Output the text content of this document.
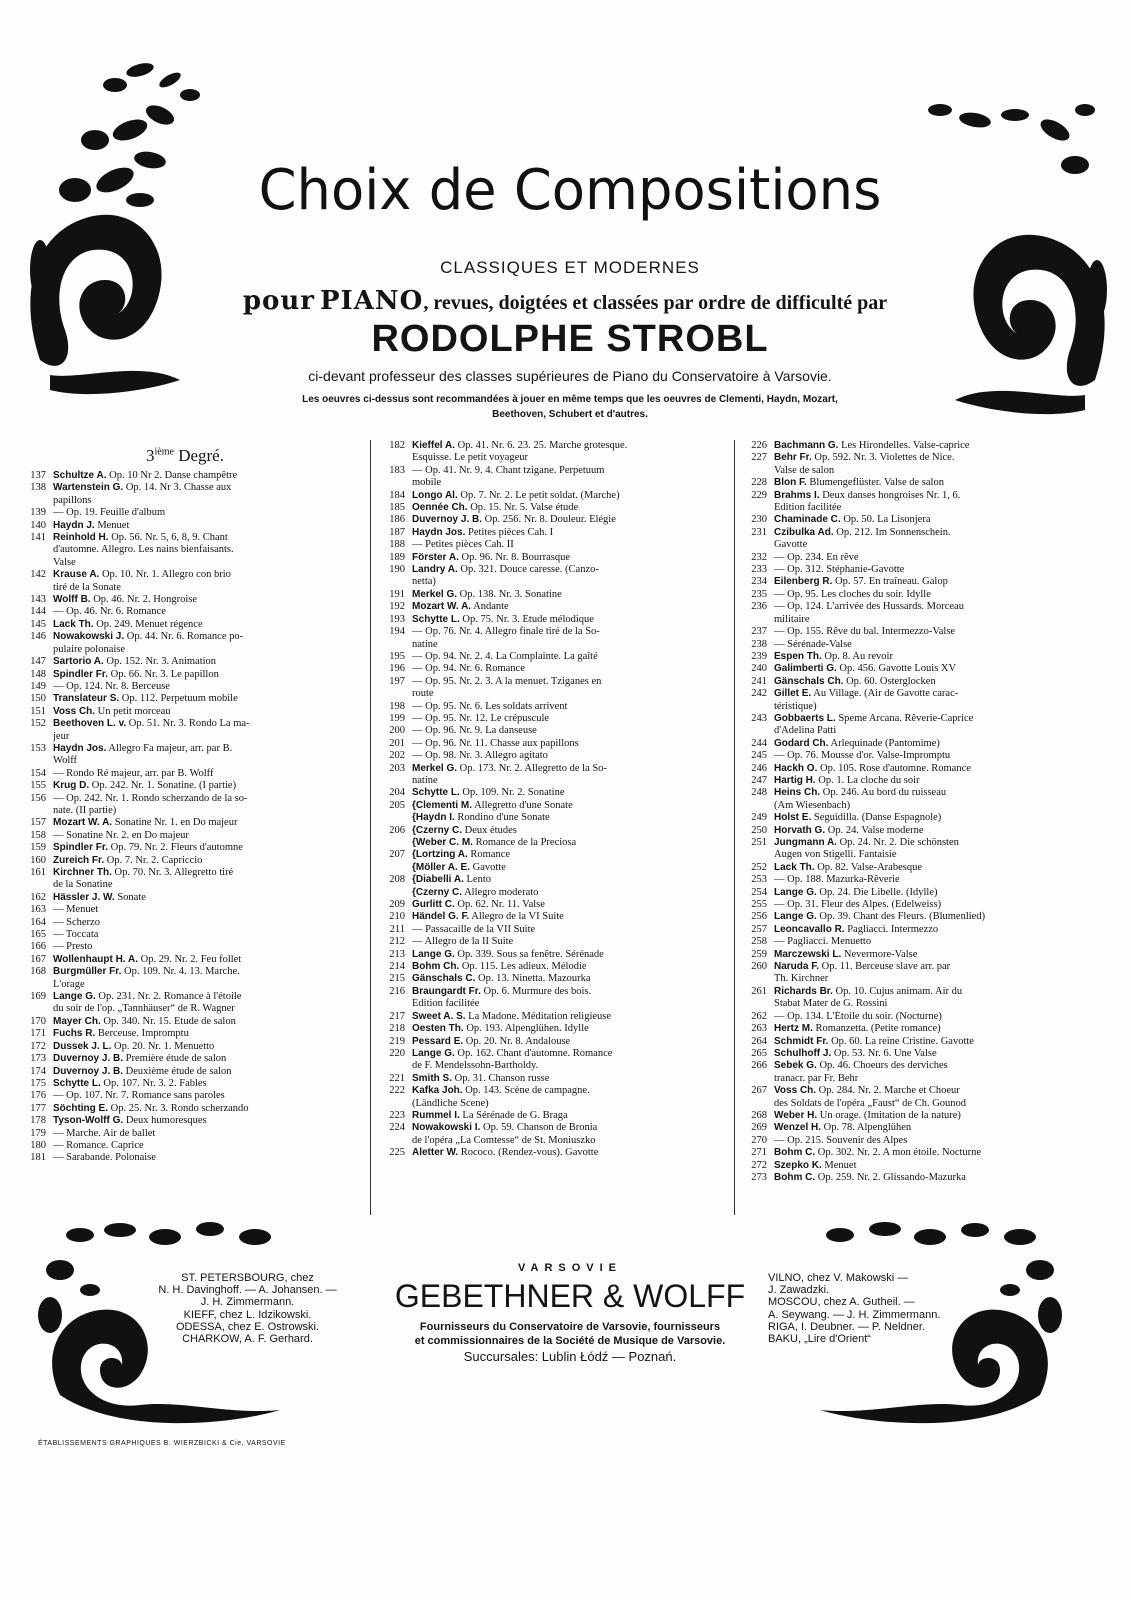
Choix de Compositions
CLASSIQUES ET MODERNES
pour PIANO, revues, doigtées et classées par ordre de difficulté par
RODOLPHE STROBL
ci-devant professeur des classes supérieures de Piano du Conservatoire à Varsovie.
Les oeuvres ci-dessus sont recommandées à jouer en même temps que les oeuvres de Clementi, Haydn, Mozart,
Beethoven, Schubert et d'autres.
3ième Degré.
137 Schultze A. Op. 10 Nr 2. Danse champêtre
138 Wartenstein G. Op. 14. Nr 3. Chasse aux
papillons
139 — Op. 19. Feuille d'album
140 Haydn J. Menuet
141 Reinhold H. Op. 56. Nr. 5, 6, 8, 9. Chant
d'automne. Allegro. Les nains bienfaisants.
Valse
142 Krause A. Op. 10. Nr. 1. Allegro con brio
tiré de la Sonate
143 Wolff B. Op. 46. Nr. 2. Hongroise
144 — Op. 46. Nr. 6. Romance
145 Lack Th. Op. 249. Menuet régence
146 Nowakowski J. Op. 44. Nr. 6. Romance po-
pulaire polonaise
147 Sartorio A. Op. 152. Nr. 3. Animation
148 Spindler Fr. Op. 66. Nr. 3. Le papillon
149 — Op. 124. Nr. 8. Berceuse
150 Translateur S. Op. 112. Perpetuum mobile
151 Voss Ch. Un petit morceau
152 Beethoven L. v. Op. 51. Nr. 3. Rondo La ma-
jeur
153 Haydn Jos. Allegro Fa majeur, arr. par B.
Wolff
154 — Rondo Ré majeur, arr. par B. Wolff
155 Krug D. Op. 242. Nr. 1. Sonatine. (I partie)
156 — Op. 242. Nr. 1. Rondo scherzando de la so-
nate. (II partie)
157 Mozart W. A. Sonatine Nr. 1. en Do majeur
158 — Sonatine Nr. 2. en Do majeur
159 Spindler Fr. Op. 79. Nr. 2. Fleurs d'automne
160 Zureich Fr. Op. 7. Nr. 2. Capriccio
161 Kirchner Th. Op. 70. Nr. 3. Allegretto tiré
de la Sonatine
162 Hässler J. W. Sonate
163 — Menuet
164 — Scherzo
165 — Toccata
166 — Presto
167 Wollenhaupt H. A. Op. 29. Nr. 2. Feu follet
168 Burgmüller Fr. Op. 109. Nr. 4. 13. Marche.
L'orage
169 Lange G. Op. 231. Nr. 2. Romance à l'étoile
du soir de l'op. „Tannhäuser“ de R. Wagner
170 Mayer Ch. Op. 340. Nr. 15. Etude de salon
171 Fuchs R. Berceuse. Impromptu
172 Dussek J. L. Op. 20. Nr. 1. Menuetto
173 Duvernoy J. B. Première étude de salon
174 Duvernoy J. B. Deuxième étude de salon
175 Schytte L. Op. 107. Nr. 3. 2. Fables
176 — Op. 107. Nr. 7. Romance sans paroles
177 Söchting E. Op. 25. Nr. 3. Rondo scherzando
178 Tyson-Wolff G. Deux humoresques
179 — Marche. Air de ballet
180 — Romance. Caprice
181 — Sarabande. Polonaise
182 Kieffel A. Op. 41. Nr. 6. 23. 25. Marche grotesque.
Esquisse. Le petit voyageur
183 — Op. 41. Nr. 9. 4. Chant tzigane. Perpetuum
mobile
184 Longo Al. Op. 7. Nr. 2. Le petit soldat. (Marche)
185 Oennée Ch. Op. 15. Nr. 5. Valse étude
186 Duvernoy J. B. Op. 256. Nr. 8. Douleur. Élégie
187 Haydn Jos. Petites pièces Cah. I
188 — Petites pièces Cah. II
189 Förster A. Op. 96. Nr. 8. Bourrasque
190 Landry A. Op. 321. Douce caresse. (Canzo-
netta)
191 Merkel G. Op. 138. Nr. 3. Sonatine
192 Mozart W. A. Andante
193 Schytte L. Op. 75. Nr. 3. Étude mélodique
194 — Op. 76. Nr. 4. Allegro finale tiré de la So-
natine
195 — Op. 94. Nr. 2. 4. La Complainte. La gaîté
196 — Op. 94. Nr. 6. Romance
197 — Op. 95. Nr. 2. 3. A la menuet. Tziganes en
route
198 — Op. 95. Nr. 6. Les soldats arrivent
199 — Op. 95. Nr. 12. Le crépuscule
200 — Op. 96. Nr. 9. La danseuse
201 — Op. 96. Nr. 11. Chasse aux papillons
202 — Op. 98. Nr. 3. Allegro agitato
203 Merkel G. Op. 173. Nr. 2. Allegretto de la So-
natine
204 Schytte L. Op. 109. Nr. 2. Sonatine
205 {Clementi M. Allegretto d'une Sonate
{Haydn I. Rondino d'une Sonate
206 {Czerny C. Deux études
{Weber C. M. Romance de la Preciosa
207 {Lortzing A. Romance
{Möller A. E. Gavotte
208 {Diabelli A. Lento
{Czerny C. Allegro moderato
209 Gurlitt C. Op. 62. Nr. 11. Valse
210 Händel G. F. Allegro de la VI Suite
211 — Passacaille de la VII Suite
212 — Allegro de la II Suite
213 Lange G. Op. 339. Sous sa fenêtre. Sérénade
214 Bohm Ch. Op. 115. Les adieux. Mélodie
215 Gänschals C. Op. 13. Ninetta. Mazourka
216 Braungardt Fr. Op. 6. Murmure des bois.
Édition facilitée
217 Sweet A. S. La Madone. Méditation religieuse
218 Oesten Th. Op. 193. Alpenglühen. Idylle
219 Pessard E. Op. 20. Nr. 8. Andalouse
220 Lange G. Op. 162. Chant d'automne. Romance
de F. Mendelssohn-Bartholdy.
221 Smith S. Op. 31. Chanson russe
222 Kafka Joh. Op. 143. Scène de campagne.
(Ländliche Scene)
223 Rummel I. La Sérénade de G. Braga
224 Nowakowski I. Op. 59. Chanson de Bronia
de l'opéra „La Comtesse“ de St. Moniuszko
225 Aletter W. Rococo. (Rendez-vous). Gavotte
226 Bachmann G. Les Hirondelles. Valse-caprice
227 Behr Fr. Op. 592. Nr. 3. Violettes de Nice.
Valse de salon
228 Blon F. Blumengeflüster. Valse de salon
229 Brahms I. Deux danses hongroises Nr. 1, 6.
Édition facilitée
230 Chaminade C. Op. 50. La Lisonjera
231 Czibulka Ad. Op. 212. Im Sonnenschein.
Gavotte
232 — Op. 234. En rêve
233 — Op. 312. Stéphanie-Gavotte
234 Eilenberg R. Op. 57. En traîneau. Galop
235 — Op. 95. Les cloches du soir. Idylle
236 — Op. 124. L'arrivée des Hussards. Morceau
militaire
237 — Op. 155. Rêve du bal. Intermezzo-Valse
238 — Sérénade-Valse
239 Espen Th. Op. 8. Au revoir
240 Galimberti G. Op. 456. Gavotte Louis XV
241 Gänschals Ch. Op. 60. Osterglocken
242 Gillet E. Au Village. (Air de Gavotte carac-
téristique)
243 Gobbaerts L. Speme Arcana. Rêverie-Caprice
d'Adelina Patti
244 Godard Ch. Arlequinade (Pantomime)
245 — Op. 76. Mousse d'or. Valse-Impromptu
246 Hackh O. Op. 105. Rose d'automne. Romance
247 Hartig H. Op. 1. La cloche du soir
248 Heins Ch. Op. 246. Au bord du ruisseau
(Am Wiesenbach)
249 Holst E. Seguidilla. (Danse Espagnole)
250 Horvath G. Op. 24. Valse moderne
251 Jungmann A. Op. 24. Nr. 2. Die schönsten
Augen von Stigelli. Fantaisie
252 Lack Th. Op. 82. Valse-Arabesque
253 — Op. 188. Mazurka-Rêverie
254 Lange G. Op. 24. Die Libelle. (Idylle)
255 — Op. 31. Fleur des Alpes. (Edelweiss)
256 Lange G. Op. 39. Chant des Fleurs. (Blumenlied)
257 Leoncavallo R. Pagliacci. Intermezzo
258 — Pagliacci. Menuetto
259 Marczewski L. Nevermore-Valse
260 Naruda F. Op. 11. Berceuse slave arr. par
Th. Kirchner
261 Richards Br. Op. 10. Cujus animam. Air du
Stabat Mater de G. Rossini
262 — Op. 134. L'Étoile du soir. (Nocturne)
263 Hertz M. Romanzetta. (Petite romance)
264 Schmidt Fr. Op. 60. La reine Cristine. Gavotte
265 Schulhoff J. Op. 53. Nr. 6. Une Valse
266 Šebek G. Op. 46. Choeurs des derviches
tranacr. par Fr. Behr
267 Voss Ch. Op. 284. Nr. 2. Marche et Choeur
des Soldats de l'opéra „Faust“ de Ch. Gounod
268 Weber H. Un orage. (Imitation de la nature)
269 Wenzel H. Op. 78. Alpenglühen
270 — Op. 215. Souvenir des Alpes
271 Bohm C. Op. 302. Nr. 2. A mon étoile. Nocturne
272 Szepko K. Menuet
273 Bohm C. Op. 259. Nr. 2. Glissando-Mazurka
VARSOVIE
GEBETHNER & WOLFF
Fournisseurs du Conservatoire de Varsovie, fournisseurs
et commissionnaires de la Société de Musique de Varsovie.
Succursales: Lublin Łódź — Poznań.
ST. PETERSBOURG, chez
N. H. Davinghoff. — A. Johansen. —
J. H. Zimmermann.
KIEFF, chez L. Idzikowski.
ODESSA, chez E. Ostrowski.
CHARKOW, A. F. Gerhard.
VILNO, chez V. Makowski —
J. Zawadzki.
MOSCOU, chez A. Gutheil. —
A. Seywang. — J. H. Zimmermann.
RIGA, I. Deubner. — P. Neldner.
BAKU, „Lire d'Orient“
ÉTABLISSEMENTS GRAPHIQUES B. WIERZBICKI & Cie, VARSOVIE
